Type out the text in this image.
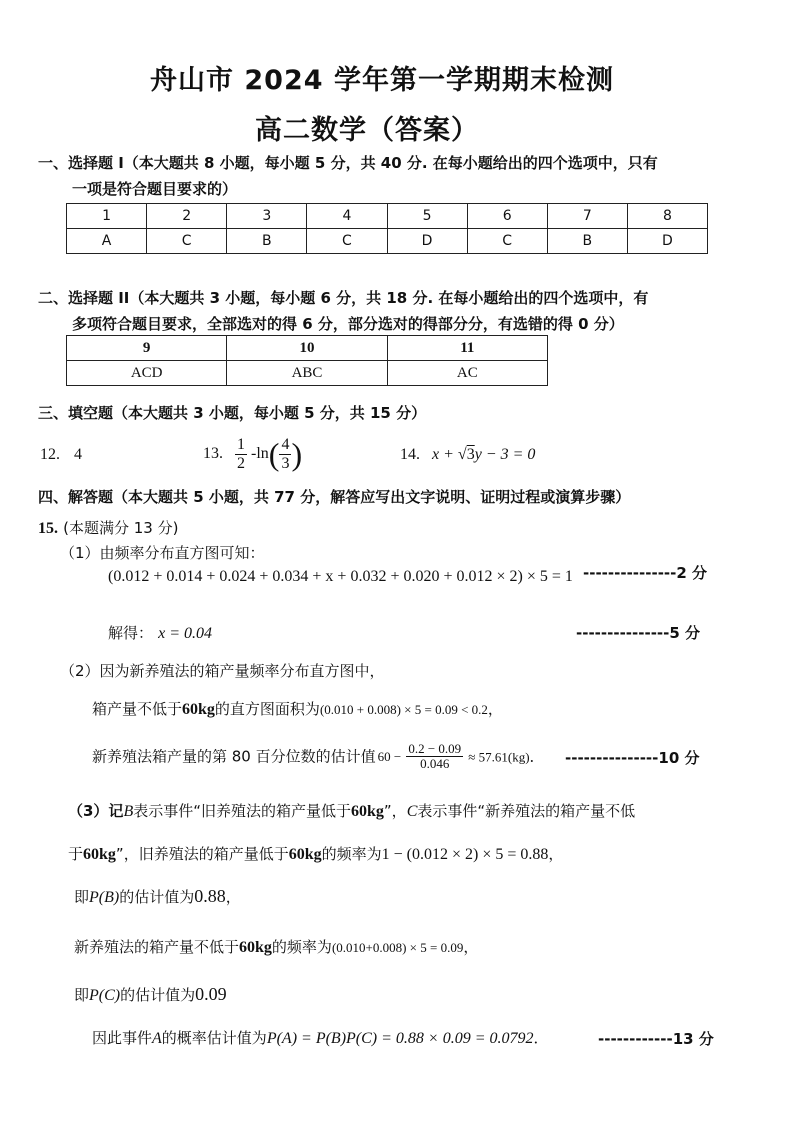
舟山市 2024 学年第一学期期末检测
高二数学（答案）
一、选择题 I（本大题共 8 小题，每小题 5 分，共 40 分. 在每小题给出的四个选项中，只有
一项是符合题目要求的）
1	2	3	4	5	6	7	8
A	C	B	C	D	C	B	D
二、选择题 II（本大题共 3 小题，每小题 6 分，共 18 分. 在每小题给出的四个选项中，有
多项符合题目要求，全部选对的得 6 分，部分选对的得部分分，有选错的得 0 分）
9	10	11
ACD	ABC	AC
三、填空题（本大题共 3 小题，每小题 5 分，共 15 分）
12. 4	13. $\frac{1}{2} -\ln( \frac{4}{3}$ )	14. x + √3y − 3 = 0
四、解答题（本大题共 5 小题，共 77 分，解答应写出文字说明、证明过程或演算步骤）
15. (本题满分 13 分)
（1）由频率分布直方图可知：
(0.012 + 0.014 + 0.024 + 0.034 + x + 0.032 + 0.020 + 0.012 × 2) × 5 = 1 ---------------2 分
解得： x = 0.04	---------------5 分
（2）因为新养殖法的箱产量频率分布直方图中，
箱产量不低于60kg的直方图面积为(0.010 + 0.008) × 5 = 0.09 < 0.2，
新养殖法箱产量的第 80 百分位数的估计值 $60 - \frac{0.2 - 0.09}{0.046} \approx 57.61(kg)$． ---------------10 分
（3）记B表示事件“旧养殖法的箱产量低于60kg”，C表示事件“新养殖法的箱产量不低
于60kg”，旧养殖法的箱产量低于60kg的频率为1 − (0.012 × 2) × 5 = 0.88，
即P(B)的估计值为0.88，
新养殖法的箱产量不低于60kg的频率为(0.010+0.008) × 5 = 0.09，
即P(C)的估计值为0.09
因此事件A的概率估计值为P(A) = P(B)P(C) = 0.88 × 0.09 = 0.0792．	------------13 分
